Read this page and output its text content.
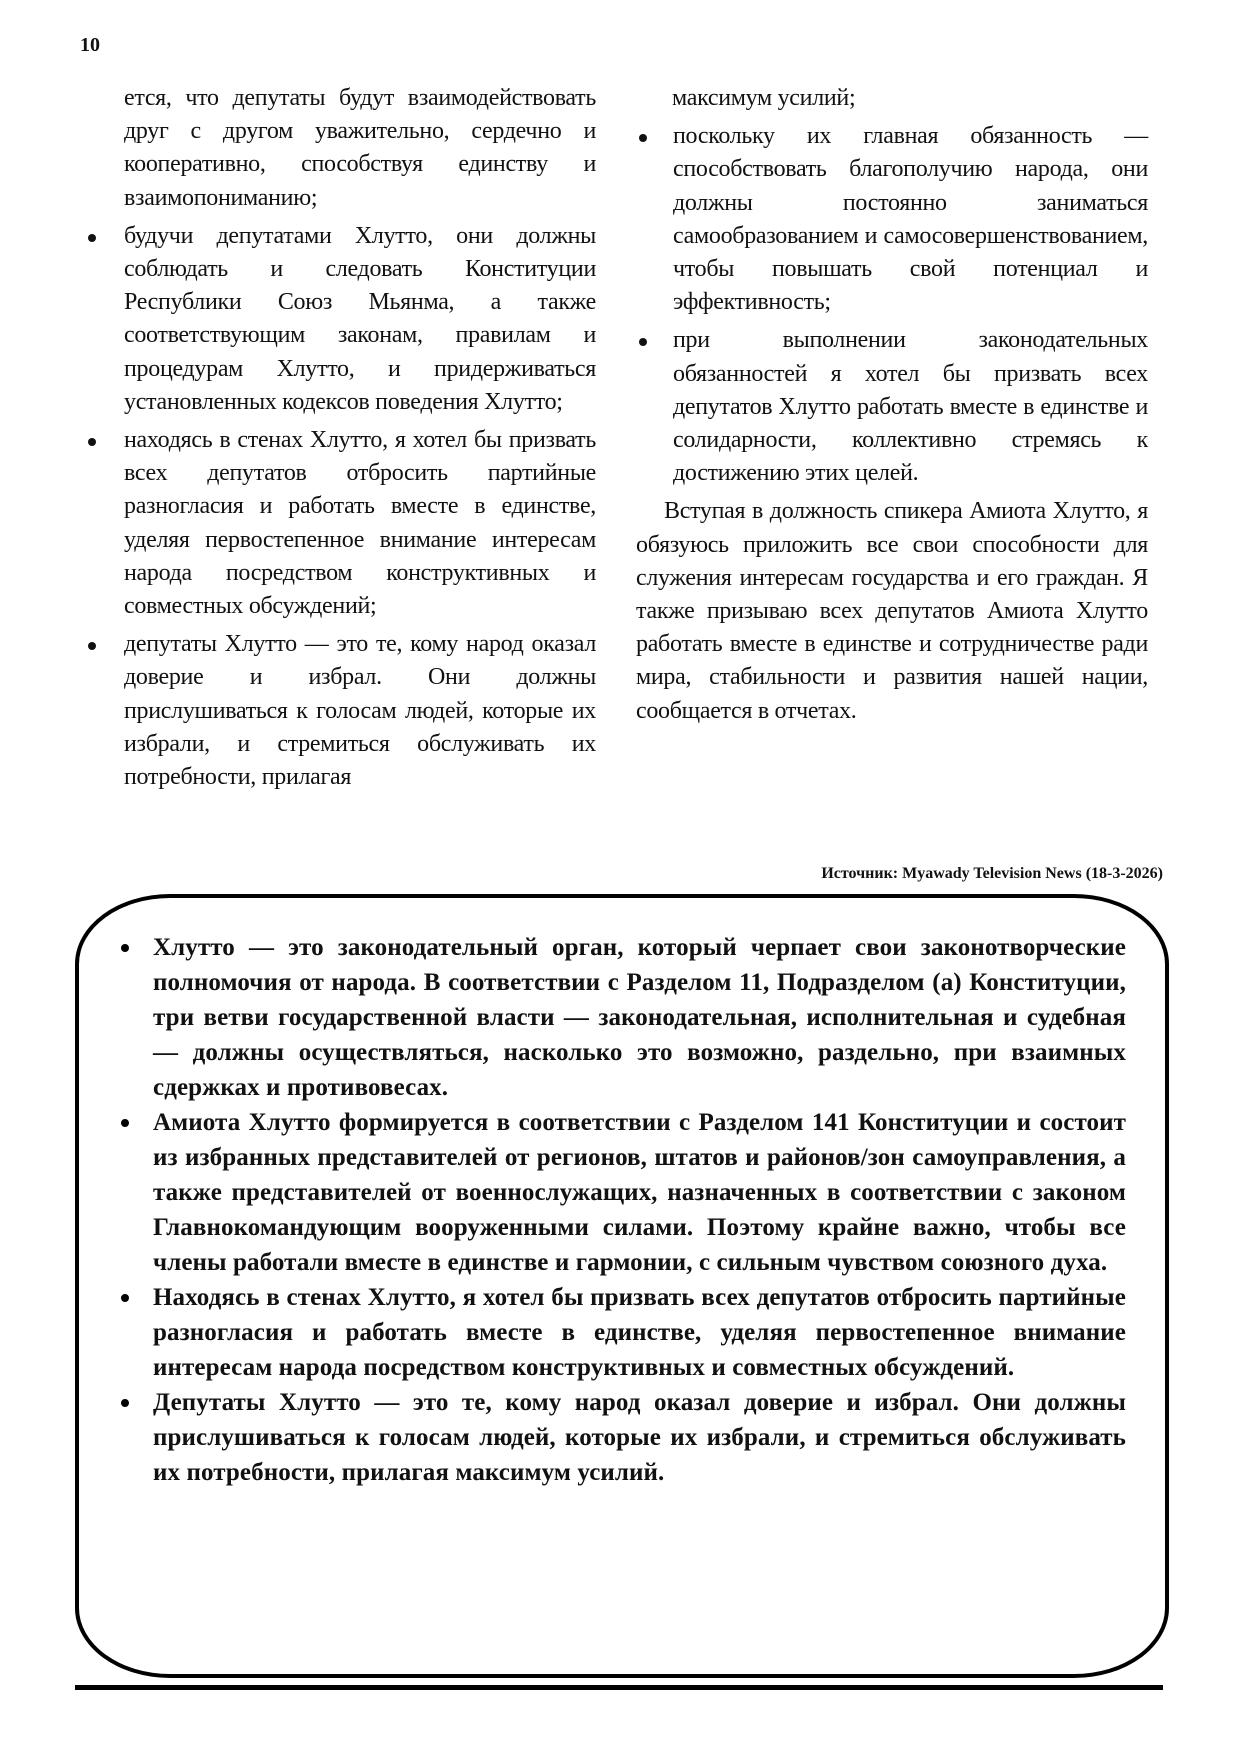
10
ется, что депутаты будут взаимодействовать друг с другом уважительно, сердечно и кооперативно, способствуя единству и взаимопониманию;
будучи депутатами Хлутто, они должны соблюдать и следовать Конституции Республики Союз Мьянма, а также соответствующим законам, правилам и процедурам Хлутто, и придерживаться установленных кодексов поведения Хлутто;
находясь в стенах Хлутто, я хотел бы призвать всех депутатов отбросить партийные разногласия и работать вместе в единстве, уделяя первостепенное внимание интересам народа посредством конструктивных и совместных обсуждений;
депутаты Хлутто — это те, кому народ оказал доверие и избрал. Они должны прислушиваться к голосам людей, которые их избрали, и стремиться обслуживать их потребности, прилагая
максимум усилий;
поскольку их главная обязанность — способствовать благополучию народа, они должны постоянно заниматься самообразованием и самосовершенствованием, чтобы повышать свой потенциал и эффективность;
при выполнении законодательных обязанностей я хотел бы призвать всех депутатов Хлутто работать вместе в единстве и солидарности, коллективно стремясь к достижению этих целей.

Вступая в должность спикера Амиота Хлутто, я обязуюсь приложить все свои способности для служения интересам государства и его граждан. Я также призываю всех депутатов Амиота Хлутто работать вместе в единстве и сотрудничестве ради мира, стабильности и развития нашей нации, сообщается в отчетах.

Источник: Myawady Television News (18-3-2026)
Хлутто — это законодательный орган, который черпает свои законотворческие полномочия от народа. В соответствии с Разделом 11, Подразделом (а) Конституции, три ветви государственной власти — законодательная, исполнительная и судебная — должны осуществляться, насколько это возможно, раздельно, при взаимных сдержках и противовесах.
Амиота Хлутто формируется в соответствии с Разделом 141 Конституции и состоит из избранных представителей от регионов, штатов и районов/зон самоуправления, а также представителей от военнослужащих, назначенных в соответствии с законом Главнокомандующим вооруженными силами. Поэтому крайне важно, чтобы все члены работали вместе в единстве и гармонии, с сильным чувством союзного духа.
Находясь в стенах Хлутто, я хотел бы призвать всех депутатов отбросить партийные разногласия и работать вместе в единстве, уделяя первостепенное внимание интересам народа посредством конструктивных и совместных обсуждений.
Депутаты Хлутто — это те, кому народ оказал доверие и избрал. Они должны прислушиваться к голосам людей, которые их избрали, и стремиться обслуживать их потребности, прилагая максимум усилий.
